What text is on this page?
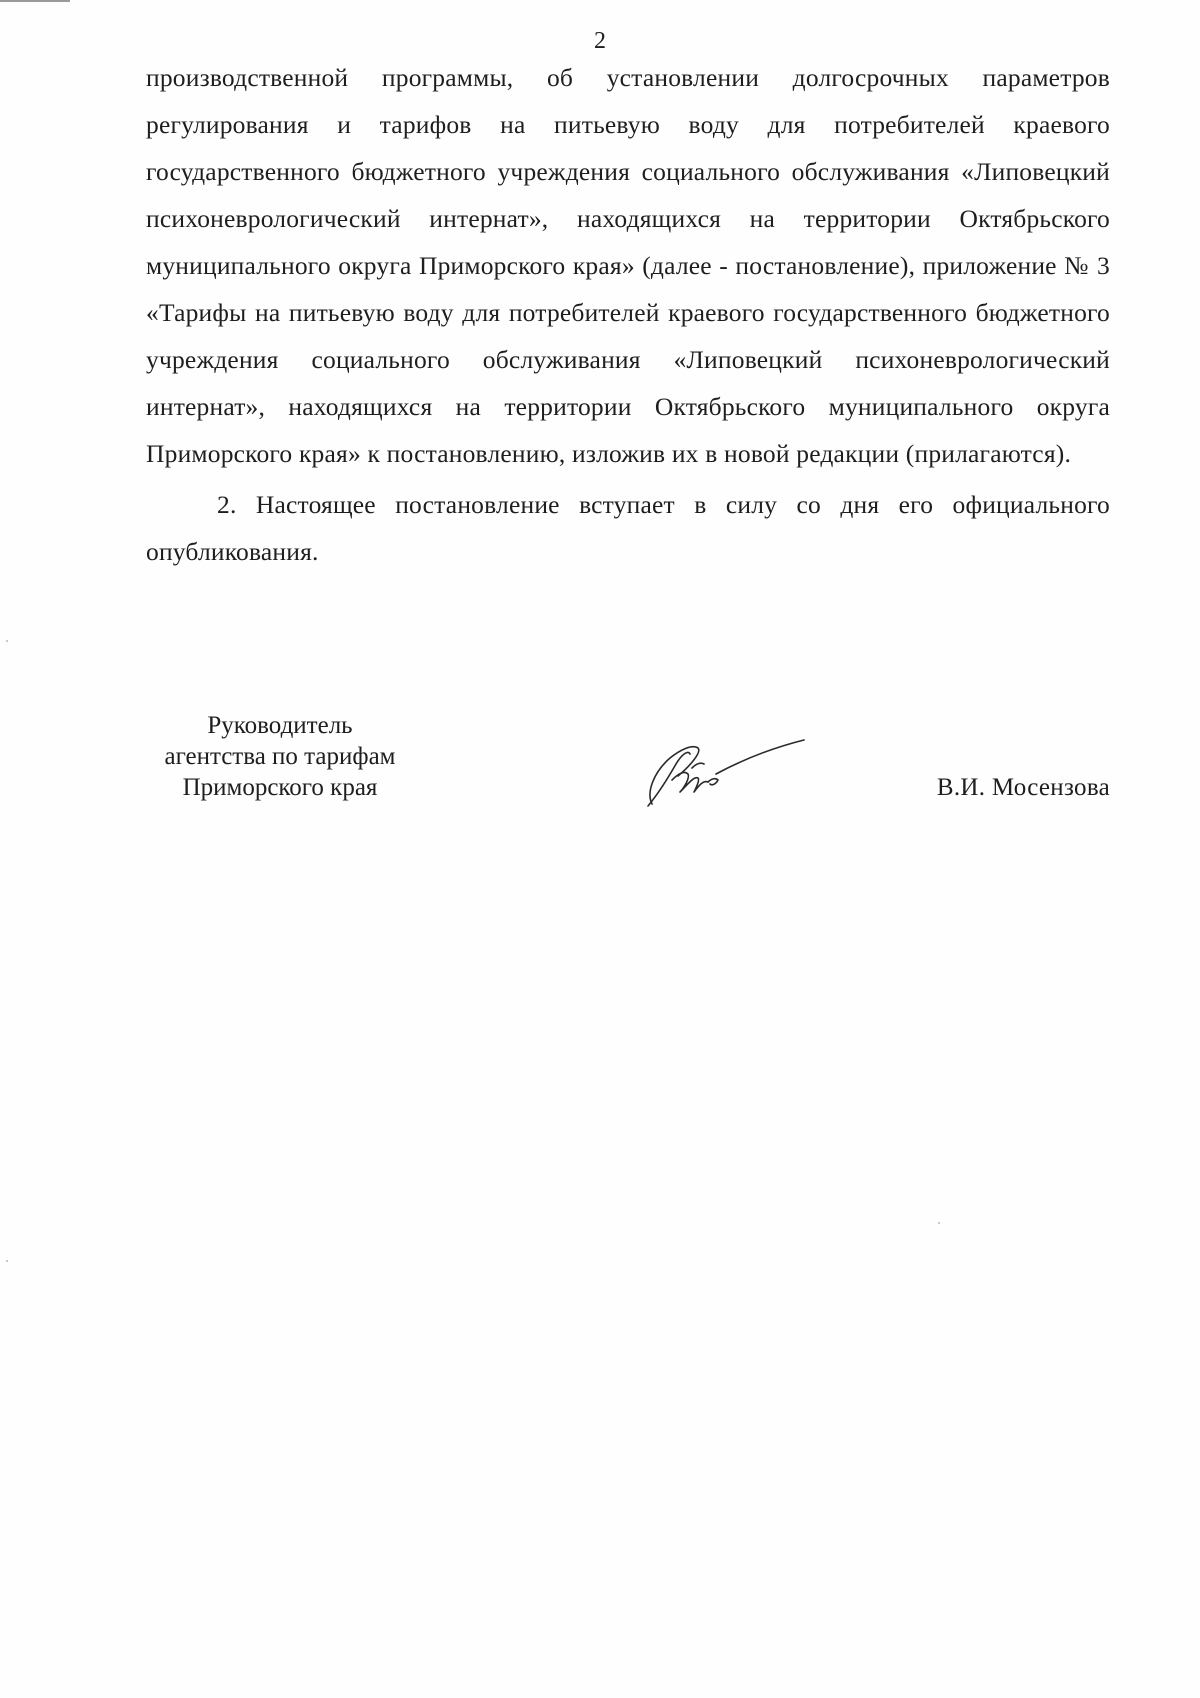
2

производственной программы, об установлении долгосрочных параметров регулирования и тарифов на питьевую воду для потребителей краевого государственного бюджетного учреждения социального обслуживания «Липовецкий психоневрологический интернат», находящихся на территории Октябрьского муниципального округа Приморского края» (далее - постановление), приложение № 3 «Тарифы на питьевую воду для потребителей краевого государственного бюджетного учреждения социального обслуживания «Липовецкий психоневрологический интернат», находящихся на территории Октябрьского муниципального округа Приморского края» к постановлению, изложив их в новой редакции (прилагаются).

2. Настоящее постановление вступает в силу со дня его официального опубликования.

Руководитель
агентства по тарифам
Приморского края	В.И. Мосензова
